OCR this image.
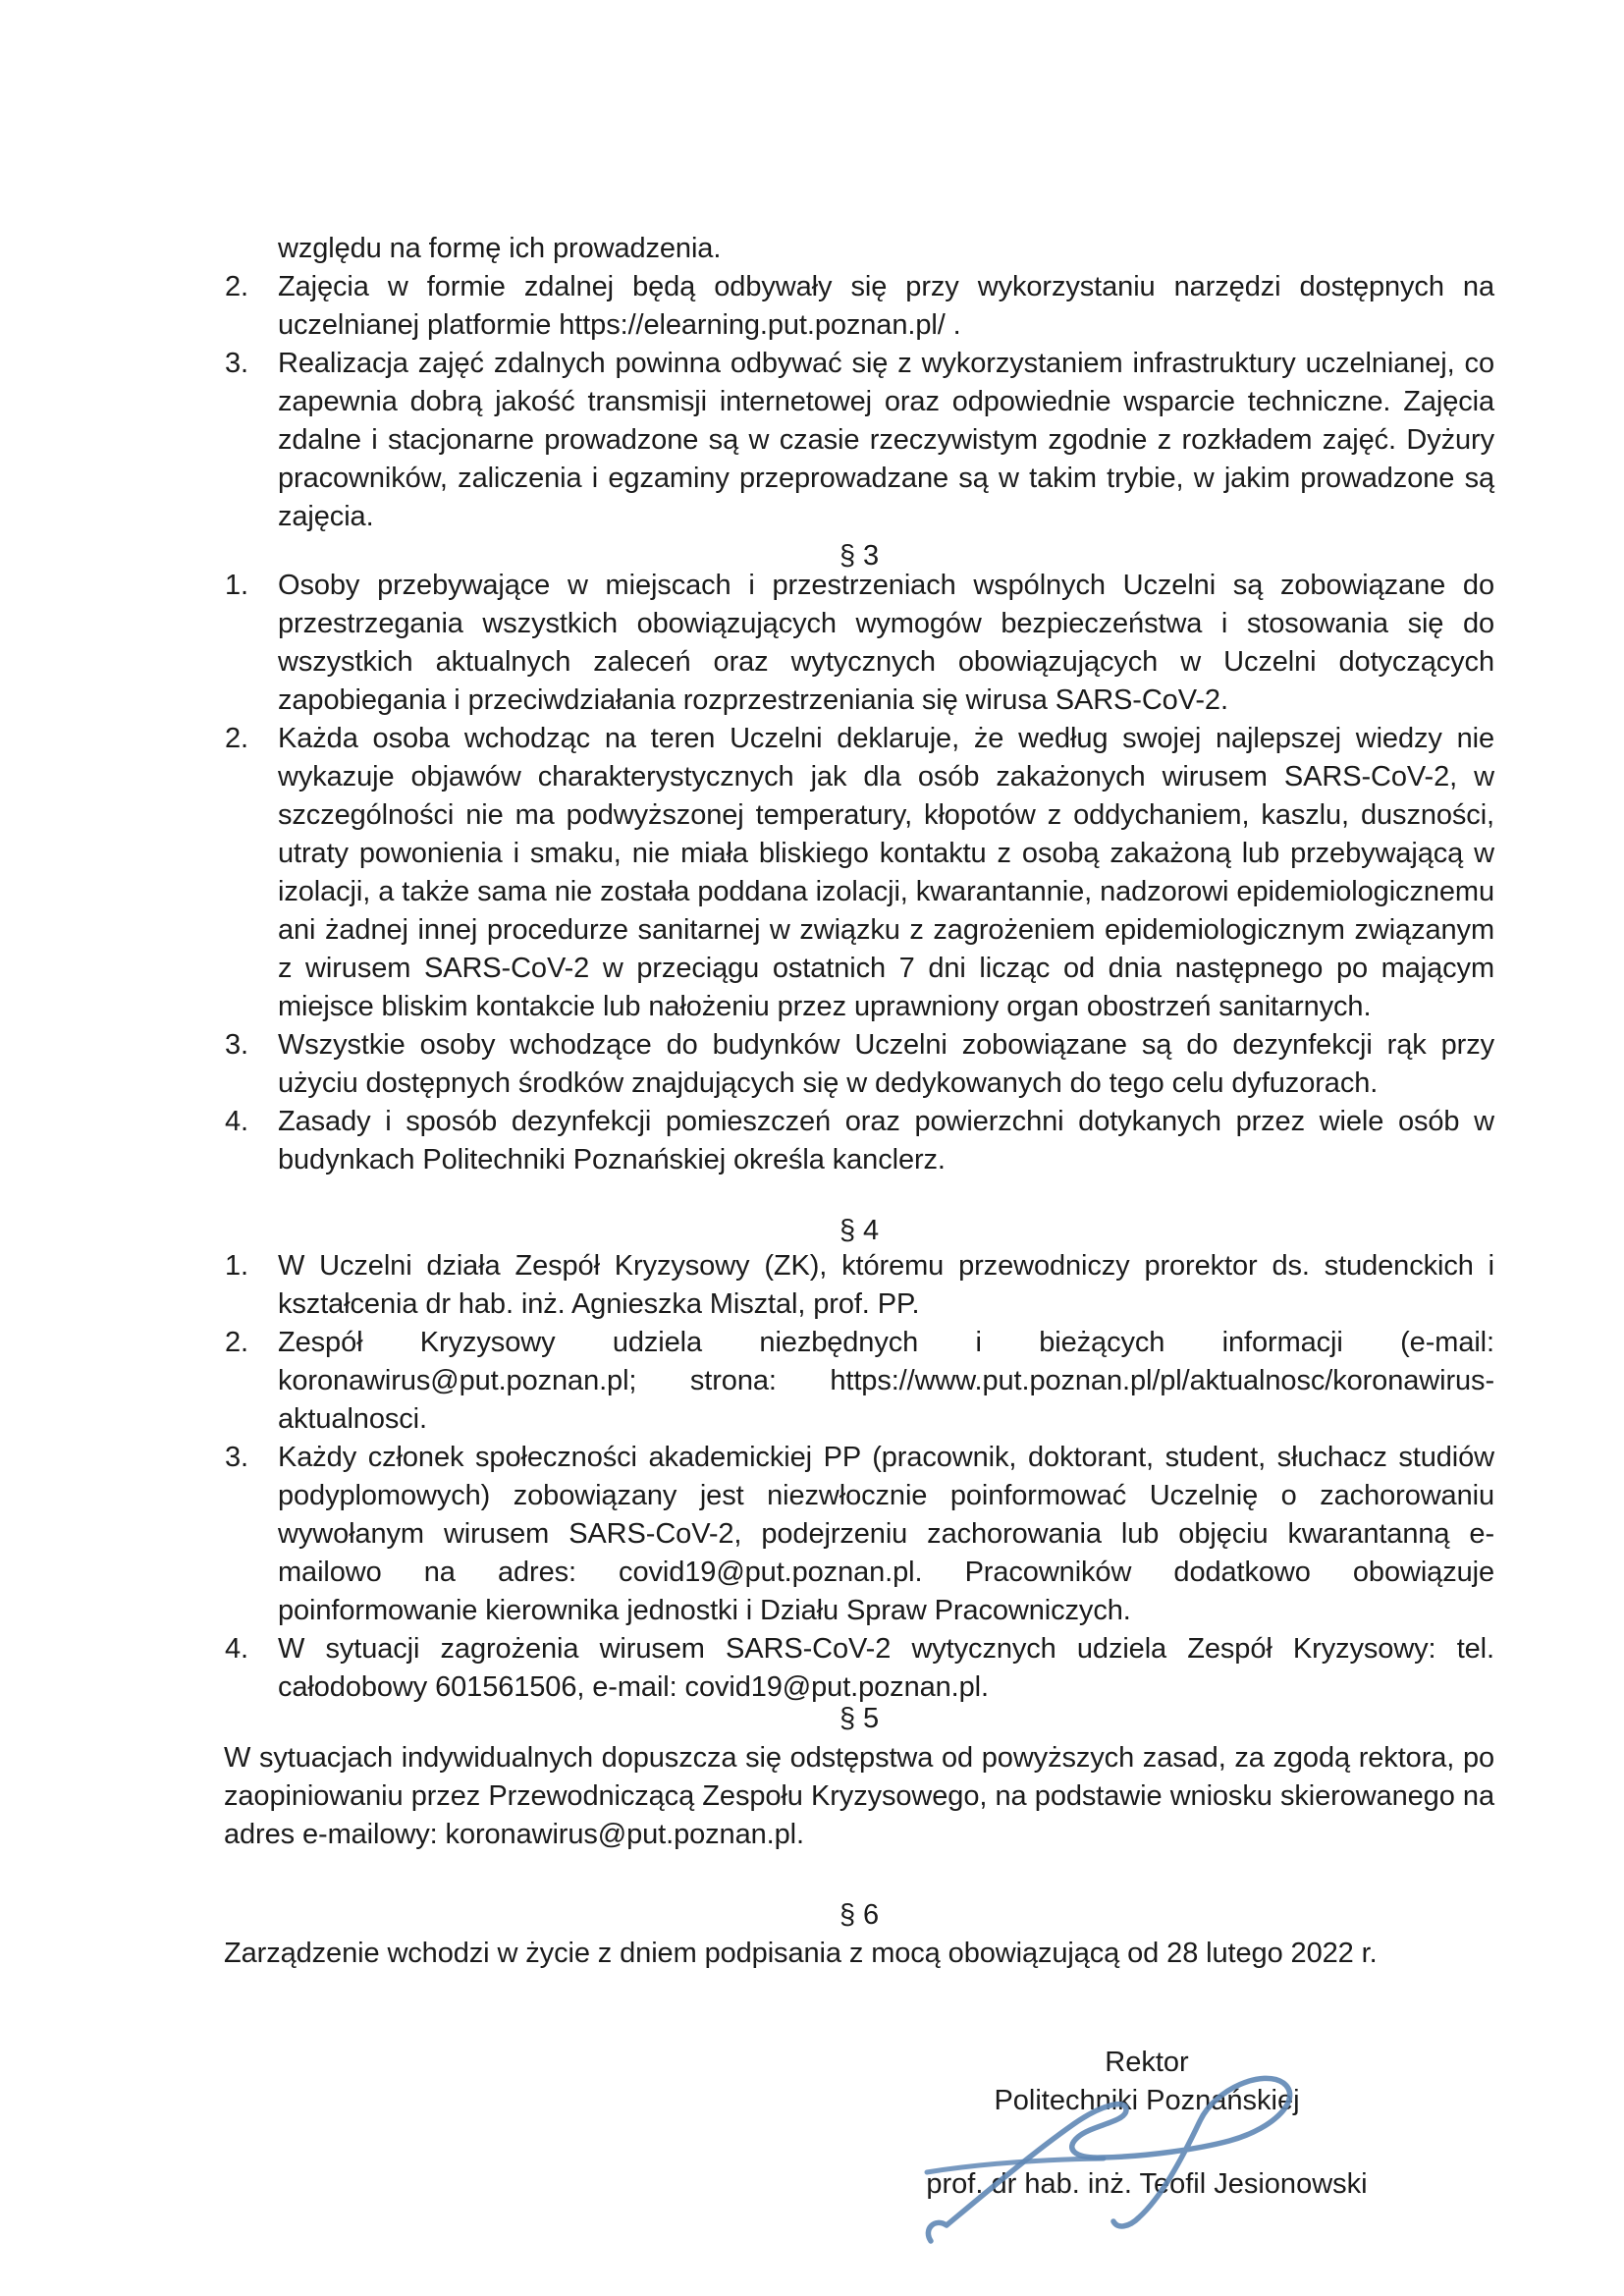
względu na formę ich prowadzenia.
2.	Zajęcia w formie zdalnej będą odbywały się przy wykorzystaniu narzędzi dostępnych na uczelnianej platformie https://elearning.put.poznan.pl/ .
3.	Realizacja zajęć zdalnych powinna odbywać się z wykorzystaniem infrastruktury uczelnianej, co zapewnia dobrą jakość transmisji internetowej oraz odpowiednie wsparcie techniczne. Zajęcia zdalne i stacjonarne prowadzone są w czasie rzeczywistym zgodnie z rozkładem zajęć. Dyżury pracowników, zaliczenia i egzaminy przeprowadzane są w takim trybie, w jakim prowadzone są zajęcia.
§ 3
1.	Osoby przebywające w miejscach i przestrzeniach wspólnych Uczelni są zobowiązane do przestrzegania wszystkich obowiązujących wymogów bezpieczeństwa i stosowania się do wszystkich aktualnych zaleceń oraz wytycznych obowiązujących w Uczelni dotyczących zapobiegania i przeciwdziałania rozprzestrzeniania się wirusa SARS-CoV-2.
2.	Każda osoba wchodząc na teren Uczelni deklaruje, że według swojej najlepszej wiedzy nie wykazuje objawów charakterystycznych jak dla osób zakażonych wirusem SARS-CoV-2, w szczególności nie ma podwyższonej temperatury, kłopotów z oddychaniem, kaszlu, duszności, utraty powonienia i smaku, nie miała bliskiego kontaktu z osobą zakażoną lub przebywającą w izolacji, a także sama nie została poddana izolacji, kwarantannie, nadzorowi epidemiologicznemu ani żadnej innej procedurze sanitarnej w związku z zagrożeniem epidemiologicznym związanym z wirusem SARS-CoV-2 w przeciągu ostatnich 7 dni licząc od dnia następnego po mającym miejsce bliskim kontakcie lub nałożeniu przez uprawniony organ obostrzeń sanitarnych.
3.	Wszystkie osoby wchodzące do budynków Uczelni zobowiązane są do dezynfekcji rąk przy użyciu dostępnych środków znajdujących się w dedykowanych do tego celu dyfuzorach.
4.	Zasady i sposób dezynfekcji pomieszczeń oraz powierzchni dotykanych przez wiele osób w budynkach Politechniki Poznańskiej określa kanclerz.
§ 4
1.	W Uczelni działa Zespół Kryzysowy (ZK), któremu przewodniczy prorektor ds. studenckich i kształcenia dr hab. inż. Agnieszka Misztal, prof. PP.
2.	Zespół Kryzysowy udziela niezbędnych i bieżących informacji (e-mail: koronawirus@put.poznan.pl; strona: https://www.put.poznan.pl/pl/aktualnosc/koronawirus-aktualnosci.
3.	Każdy członek społeczności akademickiej PP (pracownik, doktorant, student, słuchacz studiów podyplomowych) zobowiązany jest niezwłocznie poinformować Uczelnię o zachorowaniu wywołanym wirusem SARS-CoV-2, podejrzeniu zachorowania lub objęciu kwarantanną e-mailowo na adres: covid19@put.poznan.pl. Pracowników dodatkowo obowiązuje poinformowanie kierownika jednostki i Działu Spraw Pracowniczych.
4.	W sytuacji zagrożenia wirusem SARS-CoV-2 wytycznych udziela Zespół Kryzysowy: tel. całodobowy 601561506, e-mail: covid19@put.poznan.pl.
§ 5
W sytuacjach indywidualnych dopuszcza się odstępstwa od powyższych zasad, za zgodą rektora, po zaopiniowaniu przez Przewodniczącą Zespołu Kryzysowego, na podstawie wniosku skierowanego na adres e-mailowy: koronawirus@put.poznan.pl.
§ 6
Zarządzenie wchodzi w życie z dniem podpisania z mocą obowiązującą od 28 lutego 2022 r.
Rektor
Politechniki Poznańskiej
prof. dr hab. inż. Teofil Jesionowski
